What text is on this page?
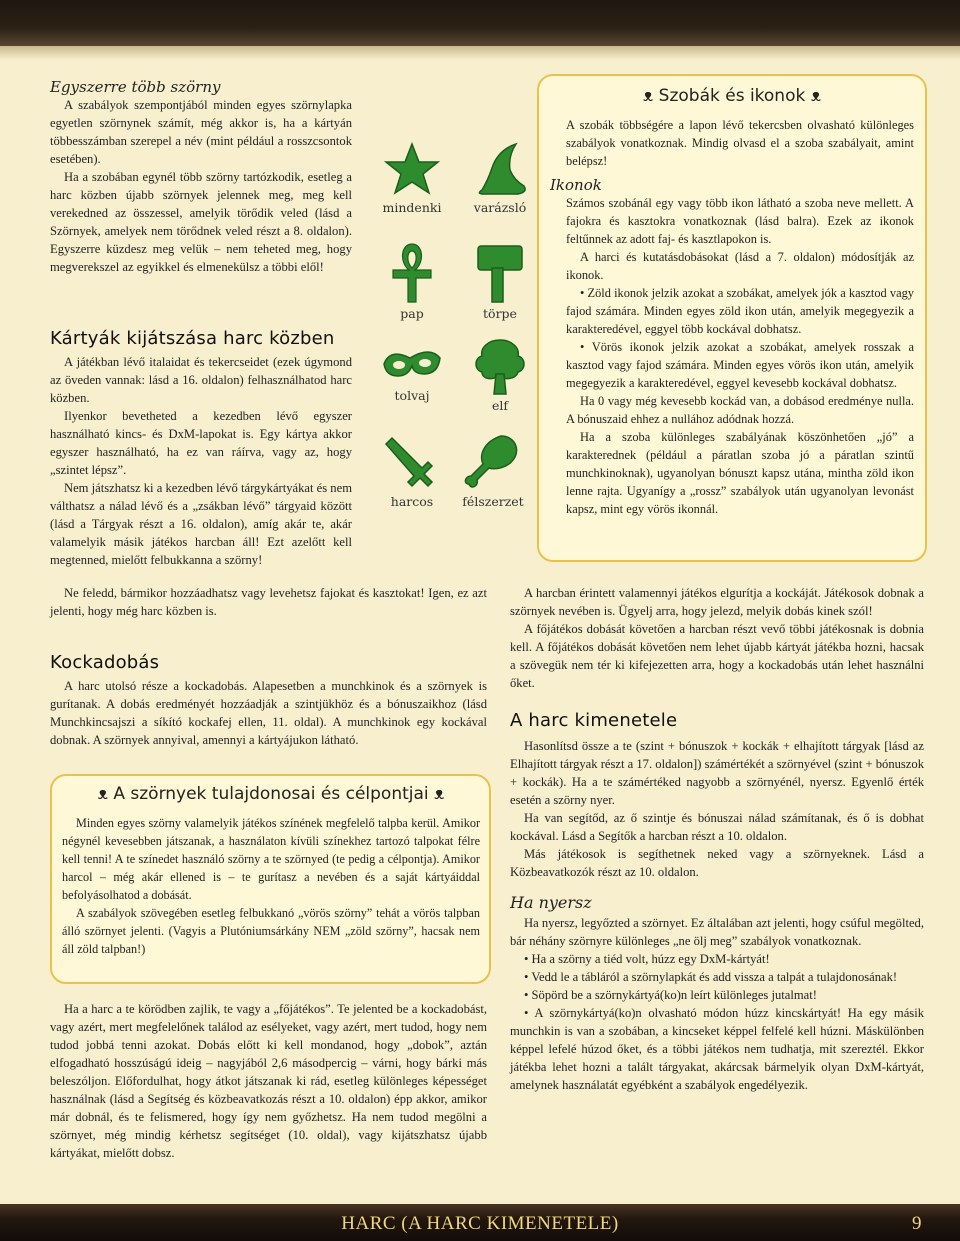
Egyszerre több szörny

A szabályok szempontjából minden egyes szörnylapka egyetlen szörnynek számít, még akkor is, ha a kártyán többesszámban szerepel a név (mint például a rosszcsontok esetében).

Ha a szobában egynél több szörny tartózkodik, esetleg a harc közben újabb szörnyek jelennek meg, meg kell verekedned az összessel, amelyik törődik veled (lásd a Szörnyek, amelyek nem törődnek veled részt a 8. oldalon). Egyszerre küzdesz meg velük – nem teheted meg, hogy megverekszel az egyikkel és elmenekülsz a többi elől!

Kártyák kijátszása harc közben

A játékban lévő italaidat és tekercseidet (ezek úgymond az öveden vannak: lásd a 16. oldalon) felhasználhatod harc közben.

Ilyenkor bevetheted a kezedben lévő egyszer használható kincs- és DxM-lapokat is. Egy kártya akkor egyszer használható, ha ez van ráírva, vagy az, hogy „szintet lépsz”.

Nem játszhatsz ki a kezedben lévő tárgykártyákat és nem válthatsz a nálad lévő és a „zsákban lévő” tárgyaid között (lásd a Tárgyak részt a 16. oldalon), amíg akár te, akár valamelyik másik játékos harcban áll! Ezt azelőtt kell megtenned, mielőtt felbukkanna a szörny!

Ne feledd, bármikor hozzáadhatsz vagy levehetsz fajokat és kasztokat! Igen, ez azt jelenti, hogy még harc közben is.

Kockadobás

A harc utolsó része a kockadobás. Alapesetben a munchkinok és a szörnyek is gurítanak. A dobás eredményét hozzáadják a szintjükhöz és a bónuszaikhoz (lásd Munchkincsajszi a síkító kockafej ellen, 11. oldal). A munchkinok egy kockával dobnak. A szörnyek annyival, amennyi a kártyájukon látható.

mindenki	varázsló
pap	törpe
tolvaj
elf
harcos	félszerzet
ᴥ Szobák és ikonok ᴥ

A szobák többségére a lapon lévő tekercsben olvasható különleges szabályok vonatkoznak. Mindig olvasd el a szoba szabályait, amint belépsz!

Ikonok

Számos szobánál egy vagy több ikon látható a szoba neve mellett. A fajokra és kasztokra vonatkoznak (lásd balra). Ezek az ikonok feltűnnek az adott faj- és kasztlapokon is.

A harci és kutatásdobásokat (lásd a 7. oldalon) módosítják az ikonok.

• Zöld ikonok jelzik azokat a szobákat, amelyek jók a kasztod vagy fajod számára. Minden egyes zöld ikon után, amelyik megegyezik a karakteredével, eggyel több kockával dobhatsz.

• Vörös ikonok jelzik azokat a szobákat, amelyek rosszak a kasztod vagy fajod számára. Minden egyes vörös ikon után, amelyik megegyezik a karakteredével, eggyel kevesebb kockával dobhatsz.

Ha 0 vagy még kevesebb kockád van, a dobásod eredménye nulla. A bónuszaid ehhez a nullához adódnak hozzá.

Ha a szoba különleges szabályának köszönhetően „jó” a karakterednek (például a páratlan szoba jó a páratlan szintű munchkinoknak), ugyanolyan bónuszt kapsz utána, mintha zöld ikon lenne rajta. Ugyanígy a „rossz” szabályok után ugyanolyan levonást kapsz, mint egy vörös ikonnál.

ᴥ A szörnyek tulajdonosai és célpontjai ᴥ

Minden egyes szörny valamelyik játékos színének megfelelő talpba kerül. Amikor négynél kevesebben játszanak, a használaton kívüli színekhez tartozó talpokat félre kell tenni! A te színedet használó szörny a te szörnyed (te pedig a célpontja). Amikor harcol – még akár ellened is – te gurítasz a nevében és a saját kártyáiddal befolyásolhatod a dobását.

A szabályok szövegében esetleg felbukkanó „vörös szörny” tehát a vörös talpban álló szörnyet jelenti. (Vagyis a Plutóniumsárkány NEM „zöld szörny”, hacsak nem áll zöld talpban!)

Ha a harc a te körödben zajlik, te vagy a „főjátékos”. Te jelented be a kockadobást, vagy azért, mert megfelelőnek találod az esélyeket, vagy azért, mert tudod, hogy nem tudod jobbá tenni azokat. Dobás előtt ki kell mondanod, hogy „dobok”, aztán elfogadható hosszúságú ideig – nagyjából 2,6 másodpercig – várni, hogy bárki más beleszóljon. Előfordulhat, hogy átkot játszanak ki rád, esetleg különleges képességet használnak (lásd a Segítség és közbeavatkozás részt a 10. oldalon) épp akkor, amikor már dobnál, és te felismered, hogy így nem győzhetsz. Ha nem tudod megölni a szörnyet, még mindig kérhetsz segítséget (10. oldal), vagy kijátszhatsz újabb kártyákat, mielőtt dobsz.

A harcban érintett valamennyi játékos elgurítja a kockáját. Játékosok dobnak a szörnyek nevében is. Ügyelj arra, hogy jelezd, melyik dobás kinek szól!

A főjátékos dobását követően a harcban részt vevő többi játékosnak is dobnia kell. A főjátékos dobását követően nem lehet újabb kártyát játékba hozni, hacsak a szövegük nem tér ki kifejezetten arra, hogy a kockadobás után lehet használni őket.

A harc kimenetele

Hasonlítsd össze a te (szint + bónuszok + kockák + elhajított tárgyak [lásd az Elhajított tárgyak részt a 17. oldalon]) számértékét a szörnyével (szint + bónuszok + kockák). Ha a te számértéked nagyobb a szörnyénél, nyersz. Egyenlő érték esetén a szörny nyer.

Ha van segítőd, az ő szintje és bónuszai nálad számítanak, és ő is dobhat kockával. Lásd a Segítők a harcban részt a 10. oldalon.

Más játékosok is segíthetnek neked vagy a szörnyeknek. Lásd a Közbeavatkozók részt az 10. oldalon.

Ha nyersz

Ha nyersz, legyőzted a szörnyet. Ez általában azt jelenti, hogy csúful megölted, bár néhány szörnyre különleges „ne ölj meg” szabályok vonatkoznak.

• Ha a szörny a tiéd volt, húzz egy DxM-kártyát!

• Vedd le a tábláról a szörnylapkát és add vissza a talpát a tulajdonosának!

• Söpörd be a szörnykártyá(ko)n leírt különleges jutalmat!

• A szörnykártyá(ko)n olvasható módon húzz kincskártyát! Ha egy másik munchkin is van a szobában, a kincseket képpel felfelé kell húzni. Máskülönben képpel lefelé húzod őket, és a többi játékos nem tudhatja, mit szereztél. Ekkor játékba lehet hozni a talált tárgyakat, akárcsak bármelyik olyan DxM-kártyát, amelynek használatát egyébként a szabályok engedélyezik.

HARC (A HARC KIMENETELE)	9
